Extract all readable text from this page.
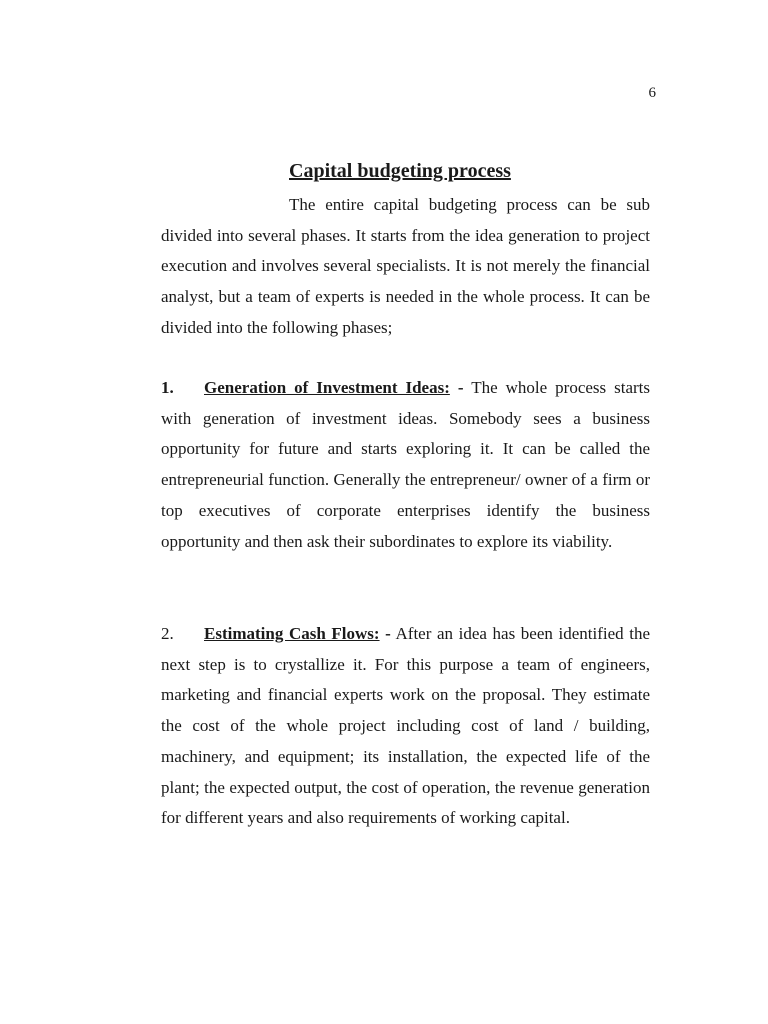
6
Capital budgeting process

The entire capital budgeting process can be sub divided into several phases. It starts from the idea generation to project execution and involves several specialists. It is not merely the financial analyst, but a team of experts is needed in the whole process. It can be divided into the following phases;

1. Generation of Investment Ideas: - The whole process starts with generation of investment ideas. Somebody sees a business opportunity for future and starts exploring it. It can be called the entrepreneurial function. Generally the entrepreneur/ owner of a firm or top executives of corporate enterprises identify the business opportunity and then ask their subordinates to explore its viability.

2. Estimating Cash Flows: - After an idea has been identified the next step is to crystallize it. For this purpose a team of engineers, marketing and financial experts work on the proposal. They estimate the cost of the whole project including cost of land / building, machinery, and equipment; its installation, the expected life of the plant; the expected output, the cost of operation, the revenue generation for different years and also requirements of working capital.
